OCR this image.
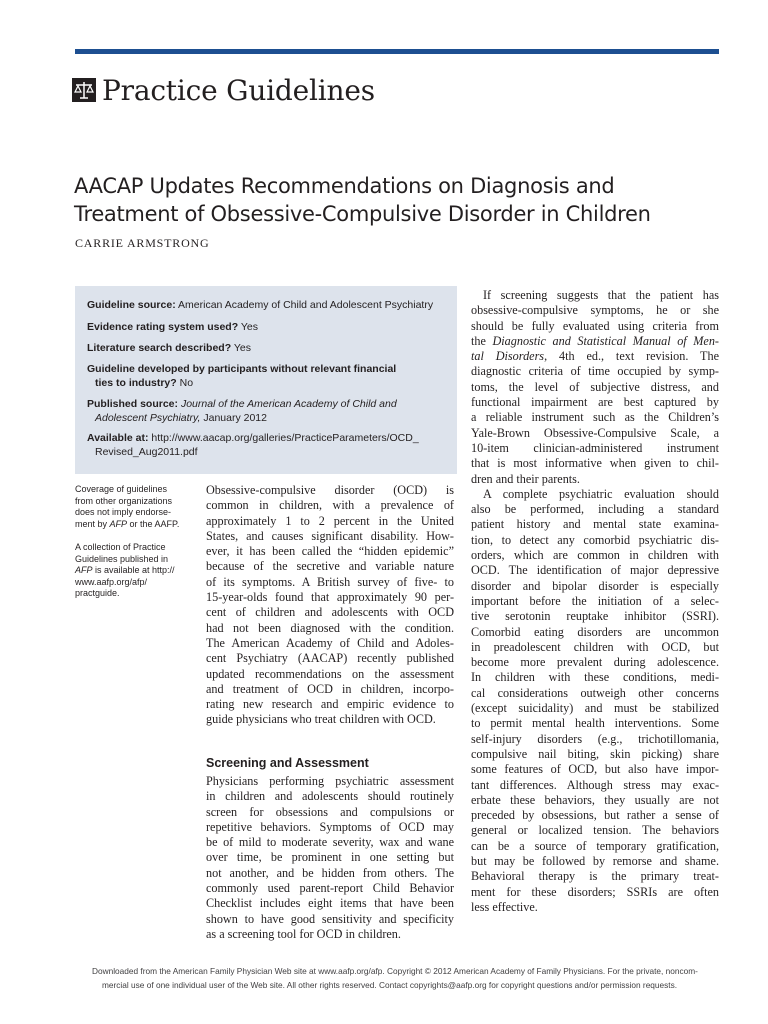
Practice Guidelines
AACAP Updates Recommendations on Diagnosis and
Treatment of Obsessive-Compulsive Disorder in Children
CARRIE ARMSTRONG
Guideline source: American Academy of Child and Adolescent Psychiatry
Evidence rating system used? Yes
Literature search described? Yes
Guideline developed by participants without relevant financial
ties to industry? No
Published source: Journal of the American Academy of Child and
Adolescent Psychiatry, January 2012
Available at: http://www.aacap.org/galleries/PracticeParameters/OCD_
Revised_Aug2011.pdf
Coverage of guidelines
from other organizations
does not imply endorse-
ment by AFP or the AAFP.
A collection of Practice
Guidelines published in
AFP is available at http://
www.aafp.org/afp/
practguide.
Obsessive-compulsive disorder (OCD) is
common in children, with a prevalence of
approximately 1 to 2 percent in the United
States, and causes significant disability. How-
ever, it has been called the “hidden epidemic”
because of the secretive and variable nature
of its symptoms. A British survey of five- to
15-year-olds found that approximately 90 per-
cent of children and adolescents with OCD
had not been diagnosed with the condition.
The American Academy of Child and Adoles-
cent Psychiatry (AACAP) recently published
updated recommendations on the assessment
and treatment of OCD in children, incorpo-
rating new research and empiric evidence to
guide physicians who treat children with OCD.
Screening and Assessment
Physicians performing psychiatric assessment
in children and adolescents should routinely
screen for obsessions and compulsions or
repetitive behaviors. Symptoms of OCD may
be of mild to moderate severity, wax and wane
over time, be prominent in one setting but
not another, and be hidden from others. The
commonly used parent-report Child Behavior
Checklist includes eight items that have been
shown to have good sensitivity and specificity
as a screening tool for OCD in children.
If screening suggests that the patient has
obsessive-compulsive symptoms, he or she
should be fully evaluated using criteria from
the Diagnostic and Statistical Manual of Men-
tal Disorders, 4th ed., text revision. The
diagnostic criteria of time occupied by symp-
toms, the level of subjective distress, and
functional impairment are best captured by
a reliable instrument such as the Children’s
Yale-Brown Obsessive-Compulsive Scale, a
10-item clinician-administered instrument
that is most informative when given to chil-
dren and their parents.
A complete psychiatric evaluation should
also be performed, including a standard
patient history and mental state examina-
tion, to detect any comorbid psychiatric dis-
orders, which are common in children with
OCD. The identification of major depressive
disorder and bipolar disorder is especially
important before the initiation of a selec-
tive serotonin reuptake inhibitor (SSRI).
Comorbid eating disorders are uncommon
in preadolescent children with OCD, but
become more prevalent during adolescence.
In children with these conditions, medi-
cal considerations outweigh other concerns
(except suicidality) and must be stabilized
to permit mental health interventions. Some
self-injury disorders (e.g., trichotillomania,
compulsive nail biting, skin picking) share
some features of OCD, but also have impor-
tant differences. Although stress may exac-
erbate these behaviors, they usually are not
preceded by obsessions, but rather a sense of
general or localized tension. The behaviors
can be a source of temporary gratification,
but may be followed by remorse and shame.
Behavioral therapy is the primary treat-
ment for these disorders; SSRIs are often
less effective.
Downloaded from the American Family Physician Web site at www.aafp.org/afp. Copyright © 2012 American Academy of Family Physicians. For the private, noncom-
mercial use of one individual user of the Web site. All other rights reserved. Contact copyrights@aafp.org for copyright questions and/or permission requests.
